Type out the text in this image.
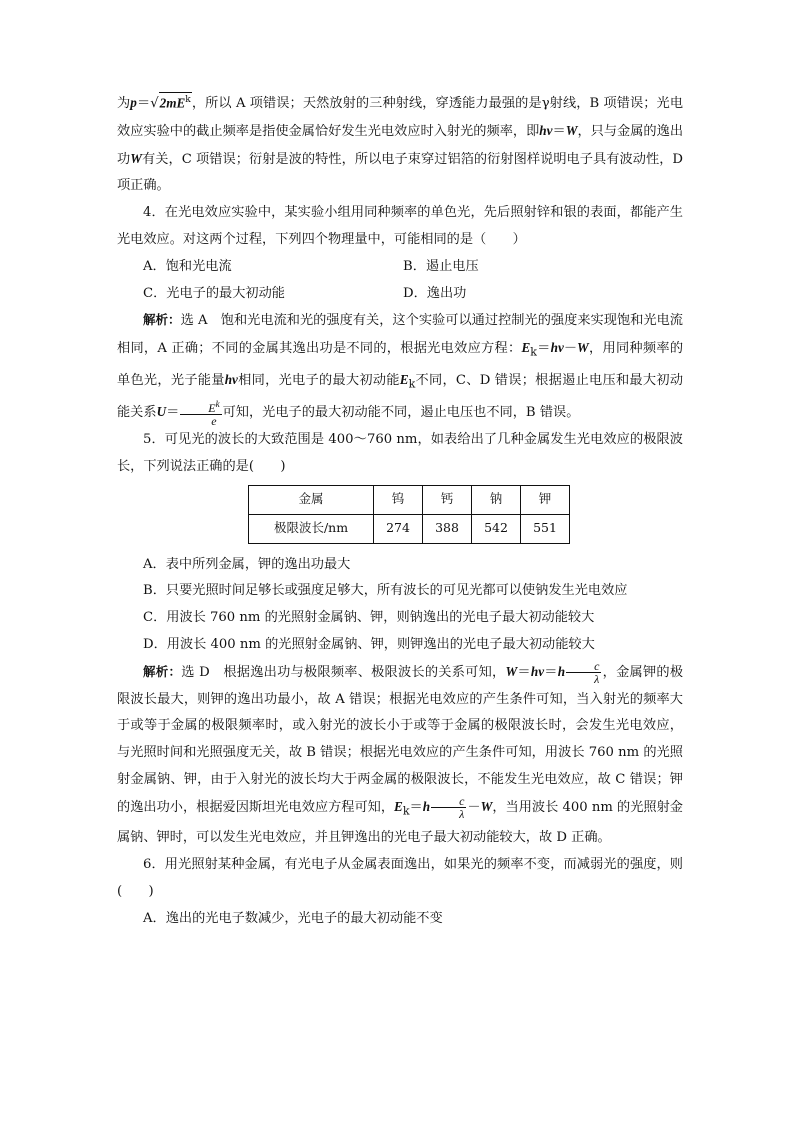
为$p=√2mE^k$，所以 A 项错误；天然放射的三种射线，穿透能力最强的是γ射线，B 项错误；光电效应实验中的截止频率是指使金属恰好发生光电效应时入射光的频率，即hν＝W，只与金属的逸出功W有关，C 项错误；衍射是波的特性，所以电子束穿过铝箔的衍射图样说明电子具有波动性，D 项正确。

4．在光电效应实验中，某实验小组用同种频率的单色光，先后照射锌和银的表面，都能产生光电效应。对这两个过程，下列四个物理量中，可能相同的是（　　）

A．饱和光电流	B．遏止电压
C．光电子的最大初动能	D．逸出功

解析：选 A　饱和光电流和光的强度有关，这个实验可以通过控制光的强度来实现饱和光电流相同，A 正确；不同的金属其逸出功是不同的，根据光电效应方程：$E_k=h\nu-W$，用同种频率的单色光，光子能量hν相同，光电子的最大初动能$E_k$不同，C、D 错误；根据遏止电压和最大初动能关系$U= \frac{E^k}{e}$ 可知，光电子的最大初动能不同，遏止电压也不同，B 错误。

5．可见光的波长的大致范围是 400～760 nm，如表给出了几种金属发生光电效应的极限波长，下列说法正确的是(　　)

金属	钨	钙	钠	钾
极限波长/nm	274	388	542	551

A．表中所列金属，钾的逸出功最大

B．只要光照时间足够长或强度足够大，所有波长的可见光都可以使钠发生光电效应

C．用波长 760 nm 的光照射金属钠、钾，则钠逸出的光电子最大初动能较大

D．用波长 400 nm 的光照射金属钠、钾，则钾逸出的光电子最大初动能较大

解析：选 D　根据逸出功与极限频率、极限波长的关系可知，$W=h\nu=h \frac{c}{\lambda}$ ，金属钾的极限波长最大，则钾的逸出功最小，故 A 错误；根据光电效应的产生条件可知，当入射光的频率大于或等于金属的极限频率时，或入射光的波长小于或等于金属的极限波长时，会发生光电效应，与光照时间和光照强度无关，故 B 错误；根据光电效应的产生条件可知，用波长 760 nm 的光照射金属钠、钾，由于入射光的波长均大于两金属的极限波长，不能发生光电效应，故 C 错误；钾的逸出功小，根据爱因斯坦光电效应方程可知，$E_k=h \frac{c}{\lambda} -W$，当用波长 400 nm 的光照射金属钠、钾时，可以发生光电效应，并且钾逸出的光电子最大初动能较大，故 D 正确。

6．用光照射某种金属，有光电子从金属表面逸出，如果光的频率不变，而减弱光的强度，则(　　)

A．逸出的光电子数减少，光电子的最大初动能不变
